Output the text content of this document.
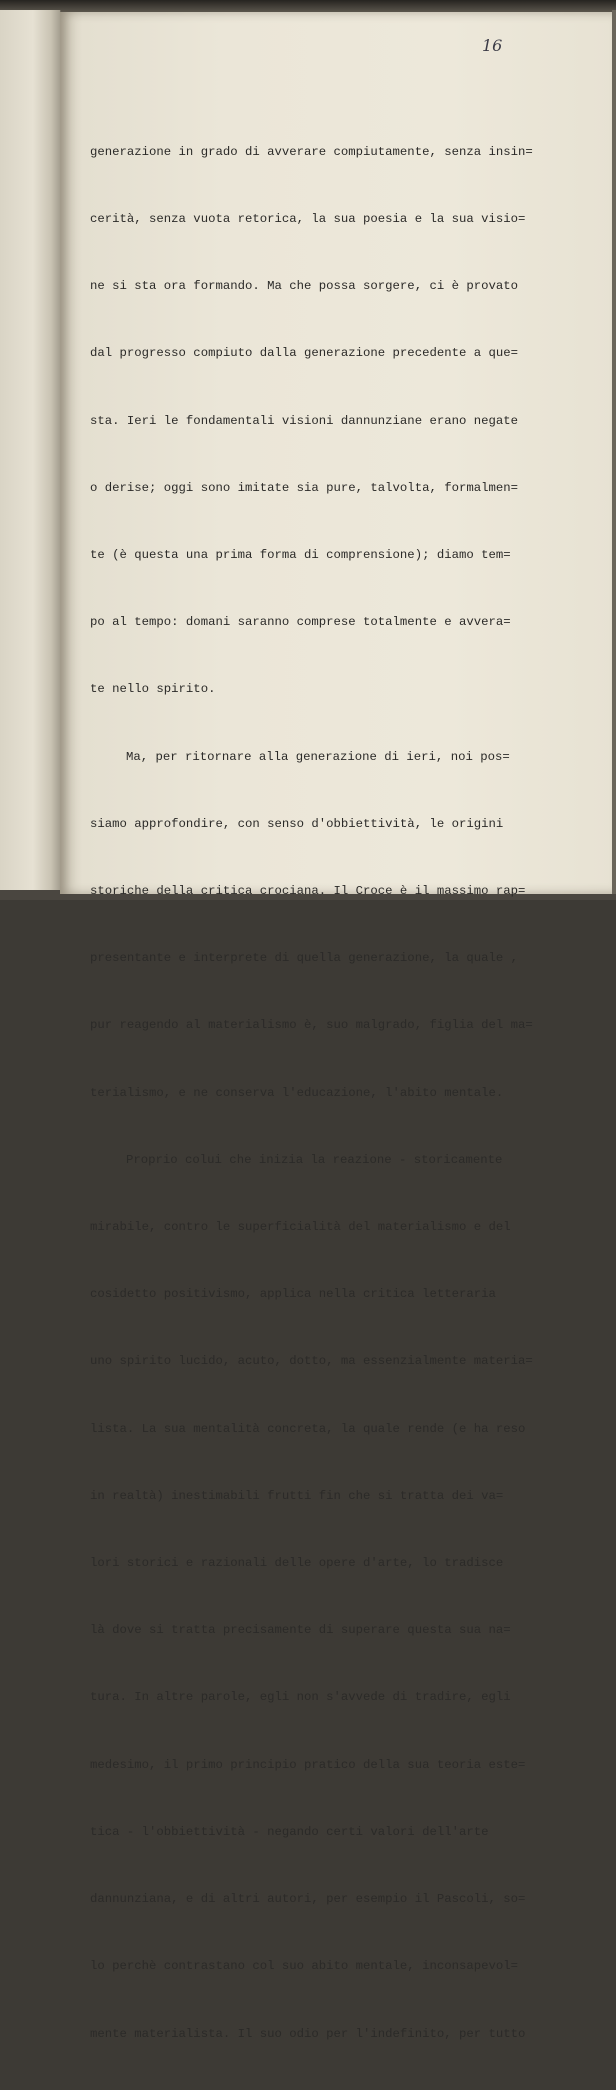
16

generazione in grado di avverare compiutamente, senza insin=

cerità, senza vuota retorica, la sua poesia e la sua visio=

ne si sta ora formando. Ma che possa sorgere, ci è provato

dal progresso compiuto dalla generazione precedente a que=

sta. Ieri le fondamentali visioni dannunziane erano negate

o derise; oggi sono imitate sia pure, talvolta, formalmen=

te (è questa una prima forma di comprensione); diamo tem=

po al tempo: domani saranno comprese totalmente e avvera=

te nello spirito.

Ma, per ritornare alla generazione di ieri, noi pos=

siamo approfondire, con senso d'obbiettività, le origini

storiche della critica crociana. Il Croce è il massimo rap=

presentante e interprete di quella generazione, la quale ,

pur reagendo al materialismo è, suo malgrado, figlia del ma=

terialismo, e ne conserva l'educazione, l'abito mentale.

Proprio colui che inizia la reazione - storicamente

mirabile, contro le superficialità del materialismo e del

cosidetto positivismo, applica nella critica letteraria

uno spirito lucido, acuto, dotto, ma essenzialmente materia=

lista. La sua mentalità concreta, la quale rende (e ha reso

in realtà) inestimabili frutti fin che si tratta dei va=

lori storici e razionali delle opere d'arte, lo tradisce

là dove si tratta precisamente di superare questa sua na=

tura. In altre parole, egli non s'avvede di tradire, egli

medesimo, il primo principio pratico della sua teoria este=

tica - l'obbiettività - negando certi valori dell'arte

dannunziana, e di altri autori, per esempio il Pascoli, so=

lo perchè contrastano col suo abito mentale, inconsapevol=

mente materialista. Il suo odio per l'indefinito, per tutto
